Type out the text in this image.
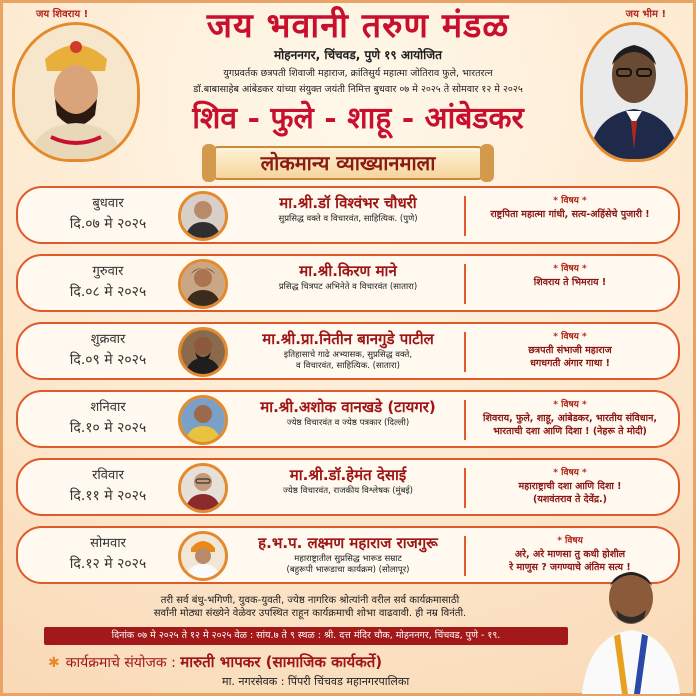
जय शिवराय !	जय भीम !
जय भवानी तरुण मंडळ
मोहननगर, चिंचवड, पुणे १९ आयोजित
युगप्रवर्तक छत्रपती शिवाजी महाराज, क्रांतिसुर्य महात्मा जोतिराव फुले, भारतरत्न
डॉ.बाबासाहेब आंबेडकर यांच्या संयुक्त जयंती निमित्त बुधवार ०७ मे २०२५ ते सोमवार १२ मे २०२५
शिव - फुले - शाहू - आंबेडकर
लोकमान्य व्याख्यानमाला
बुधवार
दि.०७ मे २०२५
मा.श्री.डॉ विश्वंभर चौधरी
सुप्रसिद्ध वक्ते व विचारवंत, साहित्यिक. (पुणे)
* विषय *
राष्ट्रपिता महात्मा गांधी, सत्य-अहिंसेचे पुजारी !
गुरुवार
दि.०८ मे २०२५
मा.श्री.किरण माने
प्रसिद्ध चित्रपट अभिनेते व विचारवंत (सातारा)
* विषय *
शिवराय ते भिमराय !
शुक्रवार
दि.०९ मे २०२५
मा.श्री.प्रा.नितीन बानगुडे पाटील
इतिहासाचे गाढे अभ्यासक, सुप्रसिद्ध वक्ते,
व विचारवंत, साहित्यिक. (सातारा)
* विषय *
छत्रपती संभाजी महाराज
धगधगती अंगार गाथा !
शनिवार
दि.१० मे २०२५
मा.श्री.अशोक वानखडे (टायगर)
ज्येष्ठ विचारवंत व ज्येष्ठ पत्रकार (दिल्ली)
* विषय *
शिवराय, फुले, शाहू, आंबेडकर, भारतीय संविधान,
भारताची दशा आणि दिशा ! (नेहरू ते मोदी)
रविवार
दि.११ मे २०२५
मा.श्री.डॉ.हेमंत देसाई
ज्येष्ठ विचारवंत, राजकीय विश्लेषक (मुंबई)
* विषय *
महाराष्ट्राची दशा आणि दिशा !
(यशवंतराव ते देवेंद्र.)
सोमवार
दि.१२ मे २०२५
ह.भ.प. लक्ष्मण महाराज राजगुरू
महाराष्ट्रातील सुप्रसिद्ध भारूड सम्राट
(बहुरूपी भारूडाचा कार्यक्रम) (सोलापूर)
* विषय
अरे, अरे माणसा तु कधी होशील
रे माणुस ? जगण्याचे अंतिम सत्य !
तरी सर्व बंधु-भगिणी, युवक-युवती, ज्येष्ठ नागरिक श्रोत्यांनी वरील सर्व कार्यक्रमासाठी
सर्वांनी मोठ्या संख्येने वेळेवर उपस्थित राहून कार्यक्रमाची शोभा वाढवावी. ही नम्र विनंती.
दिनांक ०७ मे २०२५ ते १२ मे २०२५ वेळ : सांय.७ ते ९ स्थळ : श्री. दत्त मंदिर चौक, मोहननगर, चिंचवड, पुणे - १९.
✱ कार्यक्रमाचे संयोजक : मारुती भापकर (सामाजिक कार्यकर्ते)
मा. नगरसेवक : पिंपरी चिंचवड महानगरपालिका
